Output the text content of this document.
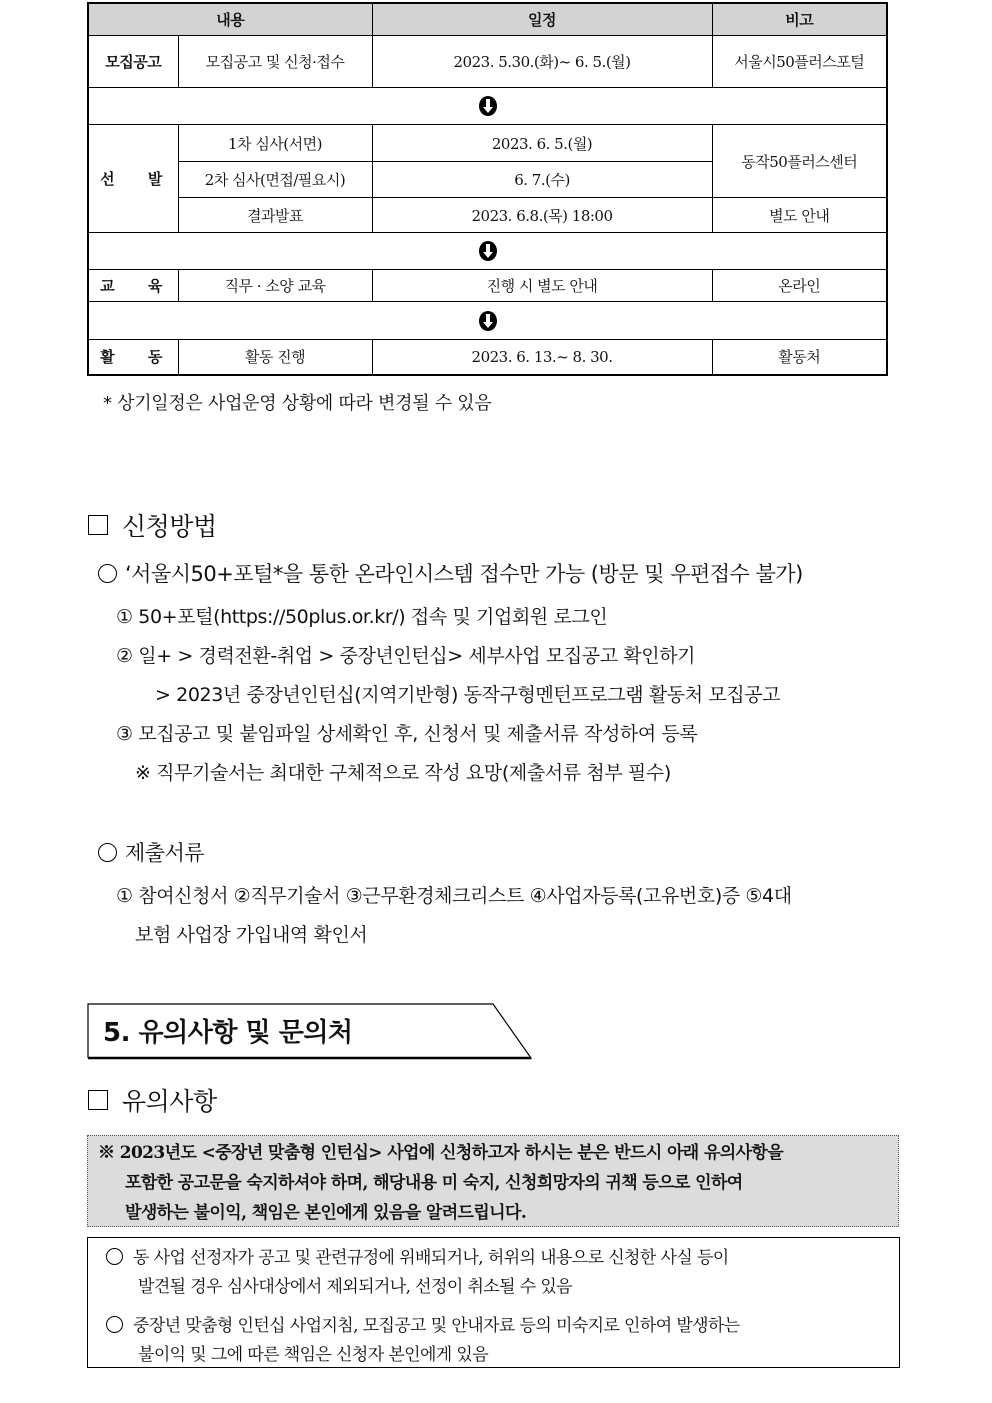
내용		일정	비고
모집공고	모집공고 및 신청·접수	2023. 5.30.(화)~ 6. 5.(월)	서울시50플러스포털

선 발	1차 심사(서면)	2023. 6. 5.(월)	동작50플러스센터
	2차 심사(면접/필요시)	6. 7.(수)	
	결과발표	2023. 6.8.(목) 18:00	별도 안내

교 육	직무 · 소양 교육	진행 시 별도 안내	온라인

활 동	활동 진행	2023. 6. 13.~ 8. 30.	활동처
* 상기일정은 사업운영 상황에 따라 변경될 수 있음
신청방법
‘서울시50+포털*을 통한 온라인시스템 접수만 가능 (방문 및 우편접수 불가)
① 50+포털(https://50plus.or.kr/) 접속 및 기업회원 로그인
② 일+ > 경력전환-취업 > 중장년인턴십> 세부사업 모집공고 확인하기
> 2023년 중장년인턴십(지역기반형) 동작구형멘턴프로그램 활동처 모집공고
③ 모집공고 및 붙임파일 상세확인 후, 신청서 및 제출서류 작성하여 등록
※ 직무기술서는 최대한 구체적으로 작성 요망(제출서류 첨부 필수)
제출서류
① 참여신청서 ②직무기술서 ③근무환경체크리스트 ④사업자등록(고유번호)증 ⑤4대
보험 사업장 가입내역 확인서
5. 유의사항 및 문의처
유의사항
※ 2023년도 <중장년 맞춤형 인턴십> 사업에 신청하고자 하시는 분은 반드시 아래 유의사항을
포함한 공고문을 숙지하셔야 하며, 해당내용 미 숙지, 신청희망자의 귀책 등으로 인하여
발생하는 불이익, 책임은 본인에게 있음을 알려드립니다.
동 사업 선정자가 공고 및 관련규정에 위배되거나, 허위의 내용으로 신청한 사실 등이
발견될 경우 심사대상에서 제외되거나, 선정이 취소될 수 있음
중장년 맞춤형 인턴십 사업지침, 모집공고 및 안내자료 등의 미숙지로 인하여 발생하는
불이익 및 그에 따른 책임은 신청자 본인에게 있음
